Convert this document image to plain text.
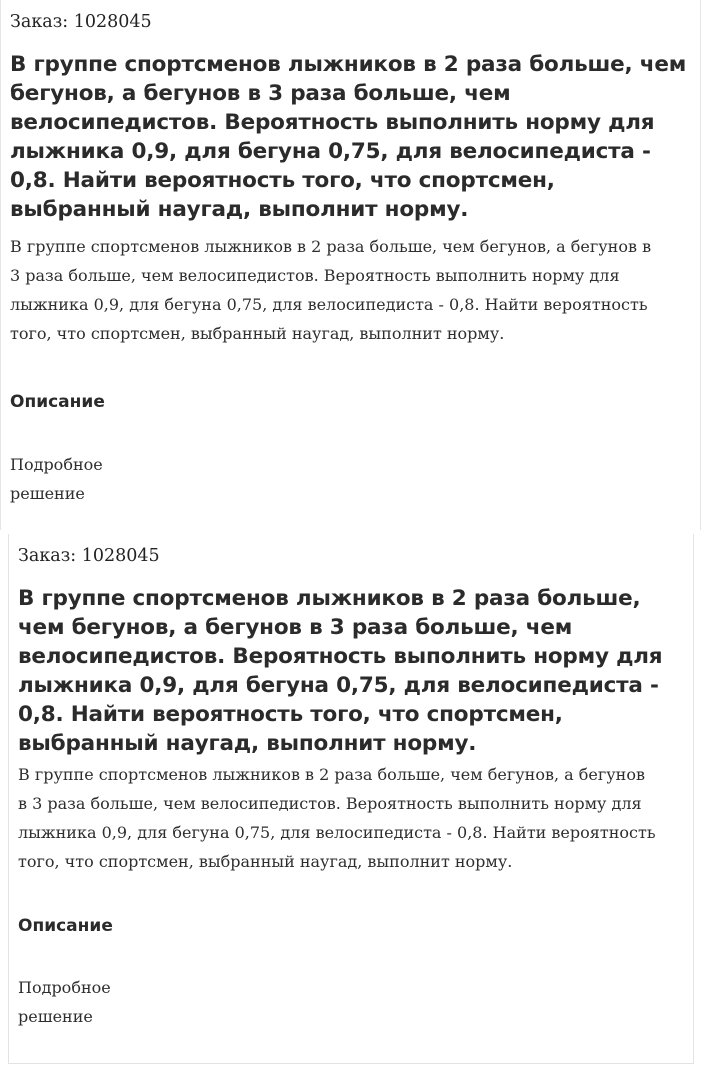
Заказ: 1028045
В группе спортсменов лыжников в 2 раза больше, чем бегунов, а бегунов в 3 раза больше, чем велосипедистов. Вероятность выполнить норму для лыжника 0,9, для бегуна 0,75, для велосипедиста - 0,8. Найти вероятность того, что спортсмен, выбранный наугад, выполнит норму.

В группе спортсменов лыжников в 2 раза больше, чем бегунов, а бегунов в 3 раза больше, чем велосипедистов. Вероятность выполнить норму для лыжника 0,9, для бегуна 0,75, для велосипедиста - 0,8. Найти вероятность того, что спортсмен, выбранный наугад, выполнит норму.

Описание
Подробное решение
Заказ: 1028045
В группе спортсменов лыжников в 2 раза больше, чем бегунов, а бегунов в 3 раза больше, чем велосипедистов. Вероятность выполнить норму для лыжника 0,9, для бегуна 0,75, для велосипедиста - 0,8. Найти вероятность того, что спортсмен, выбранный наугад, выполнит норму.

В группе спортсменов лыжников в 2 раза больше, чем бегунов, а бегунов в 3 раза больше, чем велосипедистов. Вероятность выполнить норму для лыжника 0,9, для бегуна 0,75, для велосипедиста - 0,8. Найти вероятность того, что спортсмен, выбранный наугад, выполнит норму.

Описание
Подробное решение
